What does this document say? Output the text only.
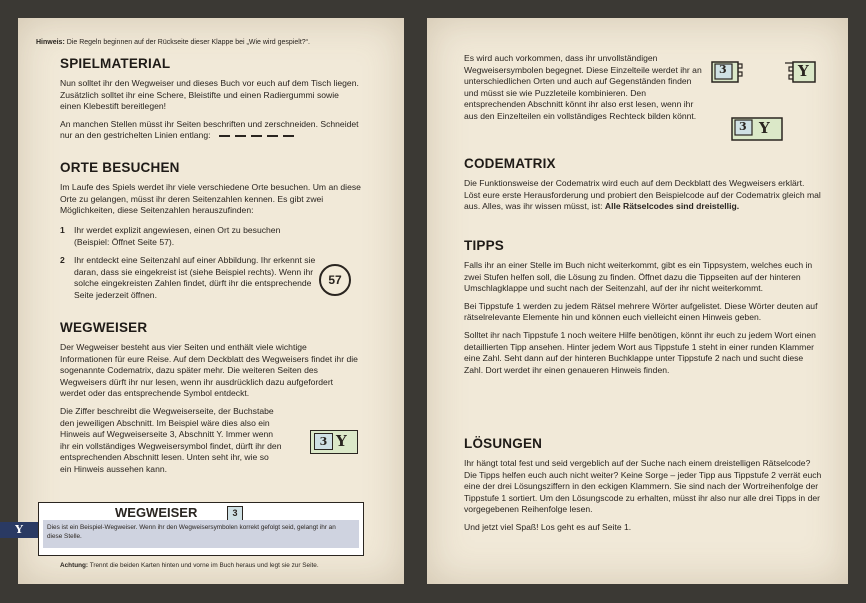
Hinweis: Die Regeln beginnen auf der Rückseite dieser Klappe bei „Wie wird gespielt?“.
SPIELMATERIAL

Nun solltet ihr den Wegweiser und dieses Buch vor euch auf dem Tisch liegen. Zusätzlich solltet ihr eine Schere, Bleistifte und einen Radiergummi sowie einen Klebestift bereitlegen!

An manchen Stellen müsst ihr Seiten beschriften und zerschneiden. Schneidet nur an den gestrichelten Linien entlang:

ORTE BESUCHEN

Im Laufe des Spiels werdet ihr viele verschiedene Orte besuchen. Um an diese Orte zu gelangen, müsst ihr deren Seitenzahlen kennen. Es gibt zwei Möglichkeiten, diese Seitenzahlen herauszufinden:

1 Ihr werdet explizit angewiesen, einen Ort zu besuchen (Beispiel: Öffnet Seite 57).
2 Ihr entdeckt eine Seitenzahl auf einer Abbildung. Ihr erkennt sie daran, dass sie eingekreist ist (siehe Beispiel rechts). Wenn ihr solche eingekreisten Zahlen findet, dürft ihr die entsprechende Seite jederzeit öffnen.
57
WEGWEISER

Der Wegweiser besteht aus vier Seiten und enthält viele wichtige Informationen für eure Reise. Auf dem Deckblatt des Wegweisers findet ihr die sogenannte Codematrix, dazu später mehr. Die weiteren Seiten des Wegweisers dürft ihr nur lesen, wenn ihr ausdrücklich dazu aufgefordert werdet oder das entsprechende Symbol entdeckt.

Die Ziffer beschreibt die Wegweiserseite, der Buchstabe den jeweiligen Abschnitt. Im Beispiel wäre dies also ein Hinweis auf Wegweiserseite 3, Abschnitt Y. Immer wenn ihr ein vollständiges Wegweisersymbol findet, dürft ihr den entsprechenden Abschnitt lesen. Unten seht ihr, wie so ein Hinweis aussehen kann.

3 Y
WEGWEISER	3
Dies ist ein Beispiel-Wegweiser. Wenn ihr den Wegweisersymbolen korrekt gefolgt seid, gelangt ihr an diese Stelle.
Y
Achtung: Trennt die beiden Karten hinten und vorne im Buch heraus und legt sie zur Seite.

Es wird auch vorkommen, dass ihr unvollständigen Wegweisersymbolen begegnet. Diese Einzelteile werdet ihr an unterschiedlichen Orten und auch auf Gegenständen finden und müsst sie wie Puzzleteile kombinieren. Den entsprechenden Abschnitt könnt ihr also erst lesen, wenn ihr aus den Einzelteilen ein vollständiges Rechteck bilden könnt.

3	Y
3 Y
CODEMATRIX

Die Funktionsweise der Codematrix wird euch auf dem Deckblatt des Wegweisers erklärt. Löst eure erste Herausforderung und probiert den Beispielcode auf der Codematrix gleich mal aus. Alles, was ihr wissen müsst, ist: Alle Rätselcodes sind dreistellig.

TIPPS

Falls ihr an einer Stelle im Buch nicht weiterkommt, gibt es ein Tippsystem, welches euch in zwei Stufen helfen soll, die Lösung zu finden. Öffnet dazu die Tippseiten auf der hinteren Umschlagklappe und sucht nach der Seitenzahl, auf der ihr nicht weiterkommt.

Bei Tippstufe 1 werden zu jedem Rätsel mehrere Wörter aufgelistet. Diese Wörter deuten auf rätselrelevante Elemente hin und können euch vielleicht einen Hinweis geben.

Solltet ihr nach Tippstufe 1 noch weitere Hilfe benötigen, könnt ihr euch zu jedem Wort einen detaillierten Tipp ansehen. Hinter jedem Wort aus Tippstufe 1 steht in einer runden Klammer eine Zahl. Seht dann auf der hinteren Buchklappe unter Tippstufe 2 nach und sucht diese Zahl. Dort werdet ihr einen genaueren Hinweis finden.

LÖSUNGEN

Ihr hängt total fest und seid vergeblich auf der Suche nach einem dreistelligen Rätselcode? Die Tipps helfen euch auch nicht weiter? Keine Sorge – jeder Tipp aus Tippstufe 2 verrät euch eine der drei Lösungsziffern in den eckigen Klammern. Sie sind nach der Wortreihenfolge der Tippstufe 1 sortiert. Um den Lösungscode zu erhalten, müsst ihr also nur alle drei Tipps in der vorgegebenen Reihenfolge lesen.

Und jetzt viel Spaß! Los geht es auf Seite 1.
